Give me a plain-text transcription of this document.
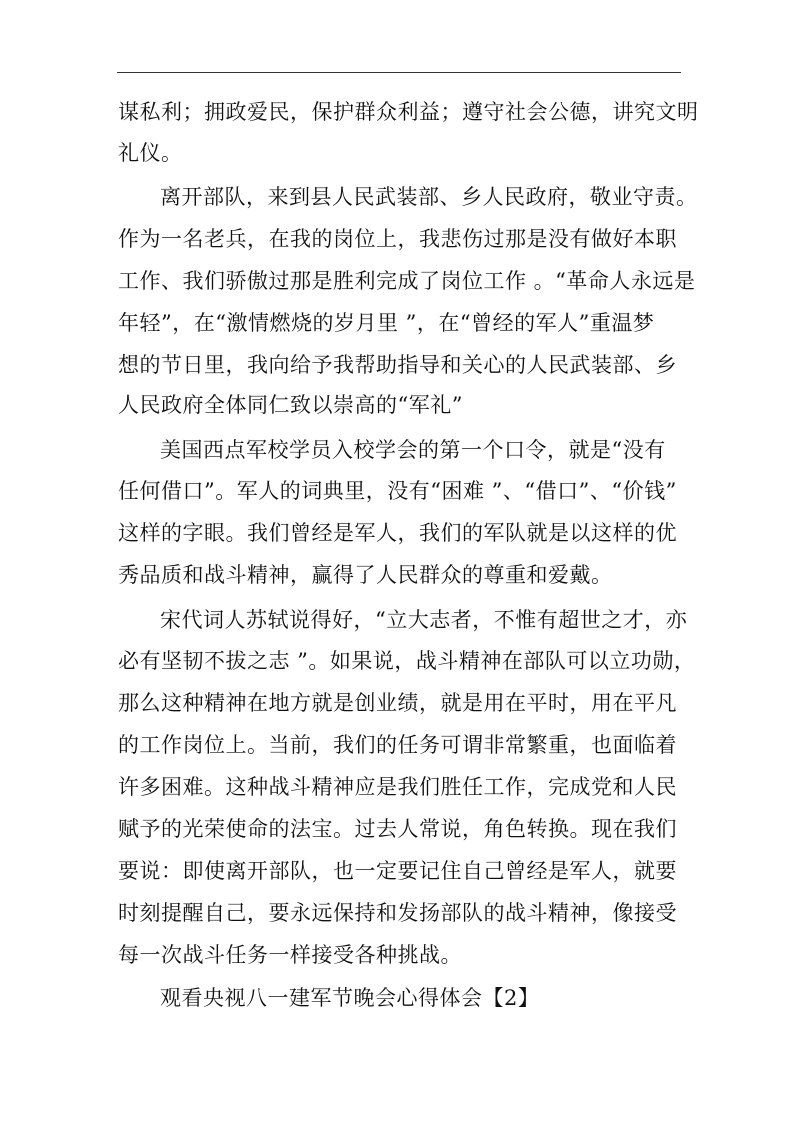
谋私利；拥政爱民，保护群众利益；遵守社会公德，讲究文明
礼仪。
离开部队，来到县人民武装部、乡人民政府，敬业守责。
作为一名老兵，在我的岗位上，我悲伤过那是没有做好本职
工作、我们骄傲过那是胜利完成了岗位工作 。“革命人永远是
年轻”，在“激情燃烧的岁月里 ”，在“曾经的军人”重温梦
想的节日里，我向给予我帮助指导和关心的人民武装部、乡
人民政府全体同仁致以崇高的“军礼”
美国西点军校学员入校学会的第一个口令，就是“没有
任何借口”。军人的词典里，没有“困难 ”、“借口”、“价钱”
这样的字眼。我们曾经是军人，我们的军队就是以这样的优
秀品质和战斗精神，赢得了人民群众的尊重和爱戴。
宋代词人苏轼说得好，“立大志者，不惟有超世之才，亦
必有坚韧不拔之志 ”。如果说，战斗精神在部队可以立功勋，
那么这种精神在地方就是创业绩，就是用在平时，用在平凡
的工作岗位上。当前，我们的任务可谓非常繁重，也面临着
许多困难。这种战斗精神应是我们胜任工作，完成党和人民
赋予的光荣使命的法宝。过去人常说，角色转换。现在我们
要说：即使离开部队，也一定要记住自己曾经是军人，就要
时刻提醒自己，要永远保持和发扬部队的战斗精神，像接受
每一次战斗任务一样接受各种挑战。
观看央视八一建军节晚会心得体会【2】
